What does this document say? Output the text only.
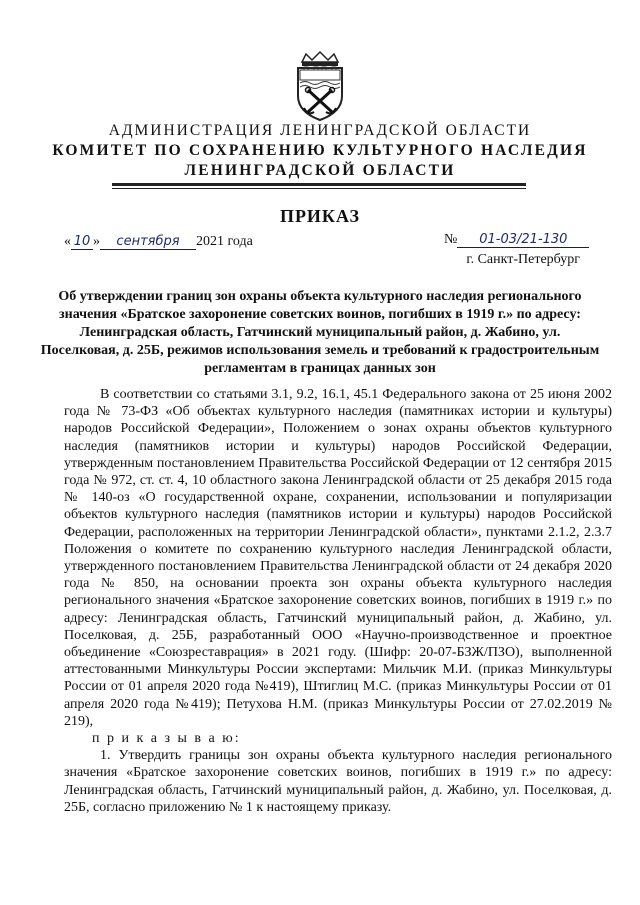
АДМИНИСТРАЦИЯ ЛЕНИНГРАДСКОЙ ОБЛАСТИ
КОМИТЕТ ПО СОХРАНЕНИЮ КУЛЬТУРНОГО НАСЛЕДИЯ
ЛЕНИНГРАДСКОЙ ОБЛАСТИ
ПРИКАЗ
« 10 » сентября 2021 года	№ 01-03/21-130
г. Санкт-Петербург
Об утверждении границ зон охраны объекта культурного наследия регионального значения «Братское захоронение советских воинов, погибших в 1919 г.» по адресу: Ленинградская область, Гатчинский муниципальный район, д. Жабино, ул. Поселковая, д. 25Б, режимов использования земель и требований к градостроительным регламентам в границах данных зон

В соответствии со статьями 3.1, 9.2, 16.1, 45.1 Федерального закона от 25 июня 2002 года № 73-ФЗ «Об объектах культурного наследия (памятниках истории и культуры) народов Российской Федерации», Положением о зонах охраны объектов культурного наследия (памятников истории и культуры) народов Российской Федерации, утвержденным постановлением Правительства Российской Федерации от 12 сентября 2015 года № 972, ст. ст. 4, 10 областного закона Ленинградской области от 25 декабря 2015 года № 140-оз «О государственной охране, сохранении, использовании и популяризации объектов культурного наследия (памятников истории и культуры) народов Российской Федерации, расположенных на территории Ленинградской области», пунктами 2.1.2, 2.3.7 Положения о комитете по сохранению культурного наследия Ленинградской области, утвержденного постановлением Правительства Ленинградской области от 24 декабря 2020 года № 850, на основании проекта зон охраны объекта культурного наследия регионального значения «Братское захоронение советских воинов, погибших в 1919 г.» по адресу: Ленинградская область, Гатчинский муниципальный район, д. Жабино, ул. Поселковая, д. 25Б, разработанный ООО «Научно-производственное и проектное объединение «Союзреставрация» в 2021 году. (Шифр: 20-07-БЗЖ/ПЗО), выполненной аттестованными Минкультуры России экспертами: Мильчик М.И. (приказ Минкультуры России от 01 апреля 2020 года №419), Штиглиц М.С. (приказ Минкультуры России от 01 апреля 2020 года №419); Петухова Н.М. (приказ Минкультуры России от 27.02.2019 № 219),

п р и к а з ы в а ю:

1. Утвердить границы зон охраны объекта культурного наследия регионального значения «Братское захоронение советских воинов, погибших в 1919 г.» по адресу: Ленинградская область, Гатчинский муниципальный район, д. Жабино, ул. Поселковая, д. 25Б, согласно приложению № 1 к настоящему приказу.
